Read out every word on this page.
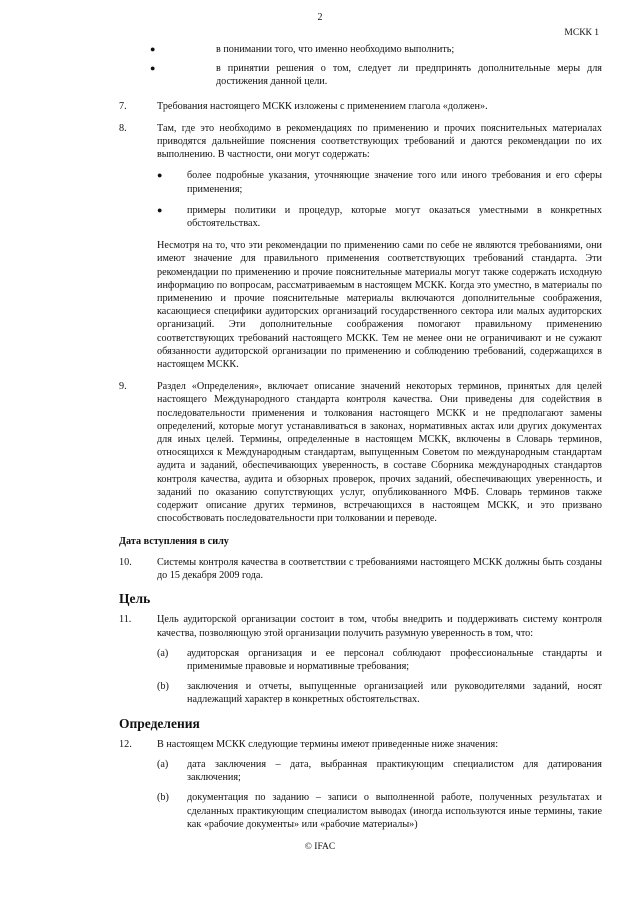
2
МСКК 1
●	в понимании того, что именно необходимо выполнить;
●	в принятии решения о том, следует ли предпринять дополнительные меры для достижения данной цели.
7.	Требования настоящего МСКК изложены с применением глагола «должен».

8.	Там, где это необходимо в рекомендациях по применению и прочих пояснительных материалах приводятся дальнейшие пояснения соответствующих требований и даются рекомендации по их выполнению. В частности, они могут содержать:

●	более подробные указания, уточняющие значение того или иного требования и его сферы применения;
●	примеры политики и процедур, которые могут оказаться уместными в конкретных обстоятельствах.

Несмотря на то, что эти рекомендации по применению сами по себе не являются требованиями, они имеют значение для правильного применения соответствующих требований стандарта. Эти рекомендации по применению и прочие пояснительные материалы могут также содержать исходную информацию по вопросам, рассматриваемым в настоящем МСКК. Когда это уместно, в материалы по применению и прочие пояснительные материалы включаются дополнительные соображения, касающиеся специфики аудиторских организаций государственного сектора или малых аудиторских организаций. Эти дополнительные соображения помогают правильному применению соответствующих требований настоящего МСКК. Тем не менее они не ограничивают и не сужают обязанности аудиторской организации по применению и соблюдению требований, содержащихся в настоящем МСКК.

9.	Раздел «Определения», включает описание значений некоторых терминов, принятых для целей настоящего Международного стандарта контроля качества. Они приведены для содействия в последовательности применения и толкования настоящего МСКК и не предполагают замены определений, которые могут устанавливаться в законах, нормативных актах или других документах для иных целей. Термины, определенные в настоящем МСКК, включены в Словарь терминов, относящихся к Международным стандартам, выпущенным Советом по международным стандартам аудита и заданий, обеспечивающих уверенность, в составе Сборника международных стандартов контроля качества, аудита и обзорных проверок, прочих заданий, обеспечивающих уверенность, и заданий по оказанию сопутствующих услуг, опубликованного МФБ. Словарь терминов также содержит описание других терминов, встречающихся в настоящем МСКК, и это призвано способствовать последовательности при толковании и переводе.

Дата вступления в силу
10.	Системы контроля качества в соответствии с требованиями настоящего МСКК должны быть созданы до 15 декабря 2009 года.

Цель
11.	Цель аудиторской организации состоит в том, чтобы внедрить и поддерживать систему контроля качества, позволяющую этой организации получить разумную уверенность в том, что:

(a)	аудиторская организация и ее персонал соблюдают профессиональные стандарты и применимые правовые и нормативные требования;
(b)	заключения и отчеты, выпущенные организацией или руководителями заданий, носят надлежащий характер в конкретных обстоятельствах.
Определения
12.	В настоящем МСКК следующие термины имеют приведенные ниже значения:

(a)	дата заключения – дата, выбранная практикующим специалистом для датирования заключения;
(b)	документация по заданию – записи о выполненной работе, полученных результатах и сделанных практикующим специалистом выводах (иногда используются иные термины, такие как «рабочие документы» или «рабочие материалы»)
© IFAC
